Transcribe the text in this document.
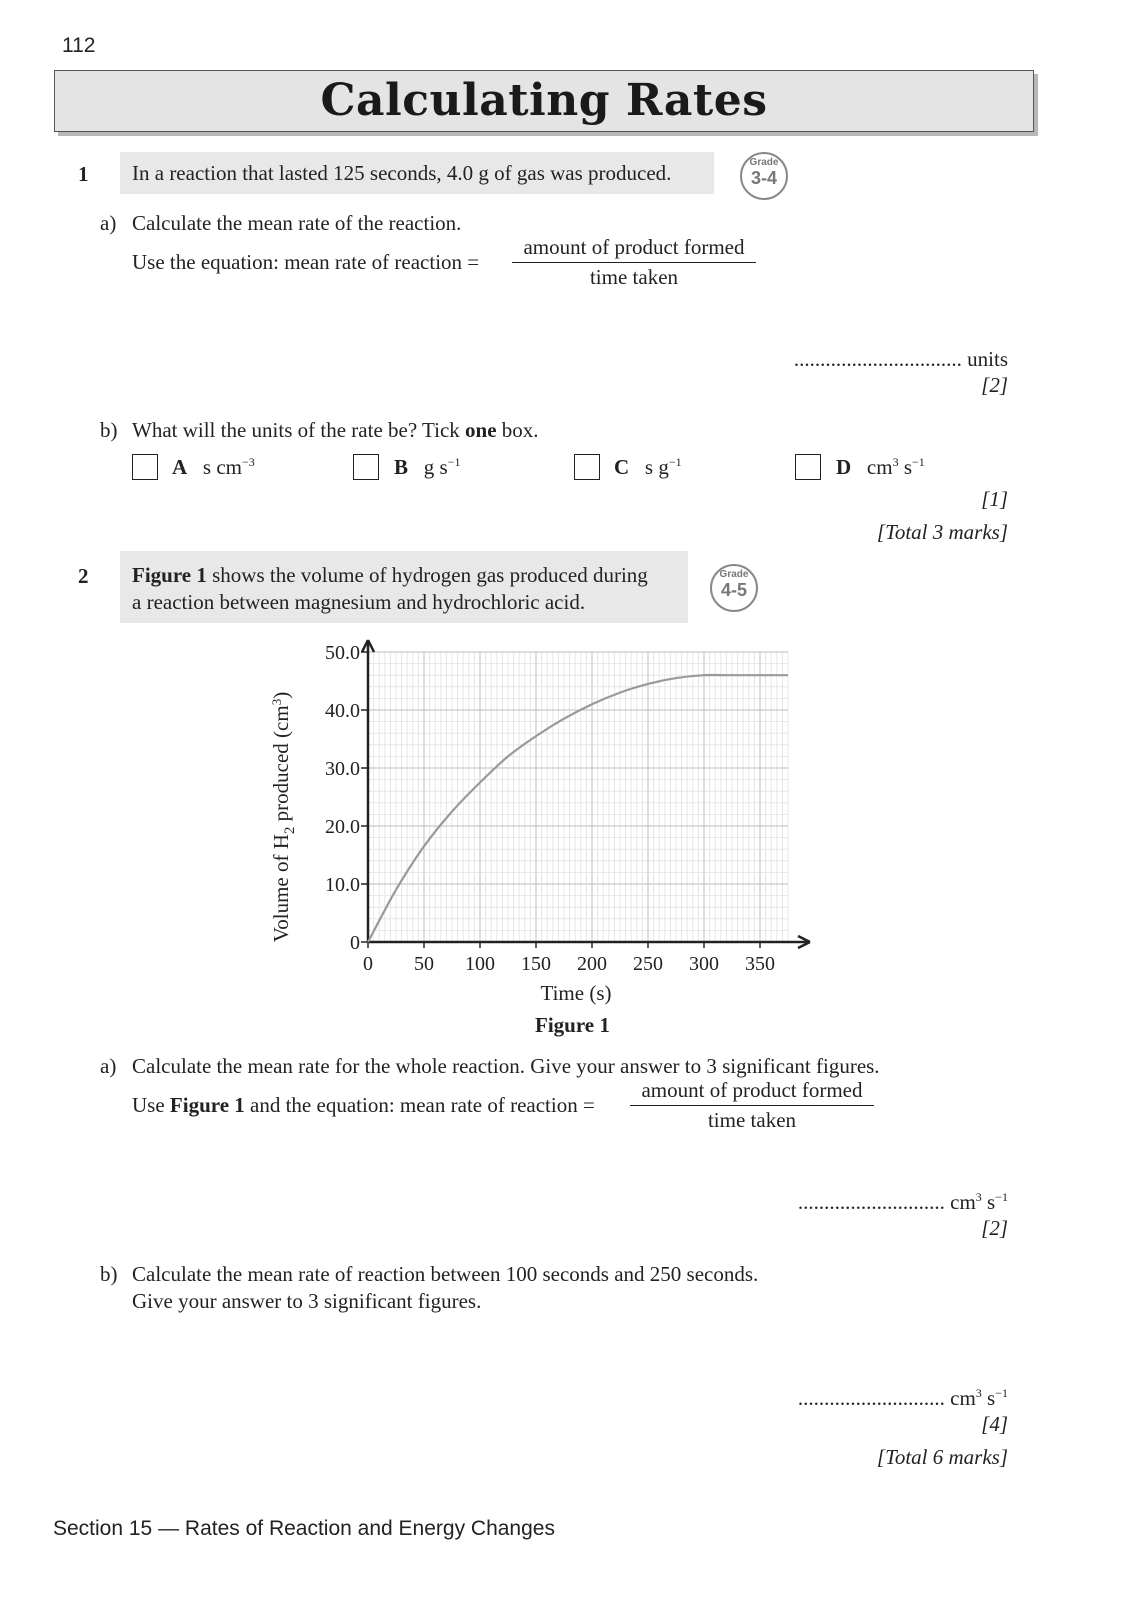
112
Calculating Rates
1 In a reaction that lasted 125 seconds, 4.0 g of gas was produced.	Grade
3-4
a) Calculate the mean rate of the reaction.
Use the equation: mean rate of reaction =
amount of product formed
time taken
................................ units
[2]
b) What will the units of the rate be? Tick one box.
A s $cm^{-3}$	B g $s^{-1}$	C s $g^{-1}$	D $cm^3$ $s^{-1}$
[1]
[Total 3 marks]
2 Figure 1 shows the volume of hydrogen gas produced during
a reaction between magnesium and hydrochloric acid.
Grade
4-5
0 50 100 150 200 250 300 350
0
10.0
20.0
30.0
40.0
50.0
Time (s)
Volume of $H_2$ produced $(cm^3)$
Figure 1
a) Calculate the mean rate for the whole reaction. Give your answer to 3 significant figures.
Use Figure 1 and the equation: mean rate of reaction =
amount of product formed
time taken
............................ $cm^3$ $s^{-1}$
[2]
b) Calculate the mean rate of reaction between 100 seconds and 250 seconds.
Give your answer to 3 significant figures.
............................ $cm^3$ $s^{-1}$
[4]
[Total 6 marks]
Section 15 — Rates of Reaction and Energy Changes
